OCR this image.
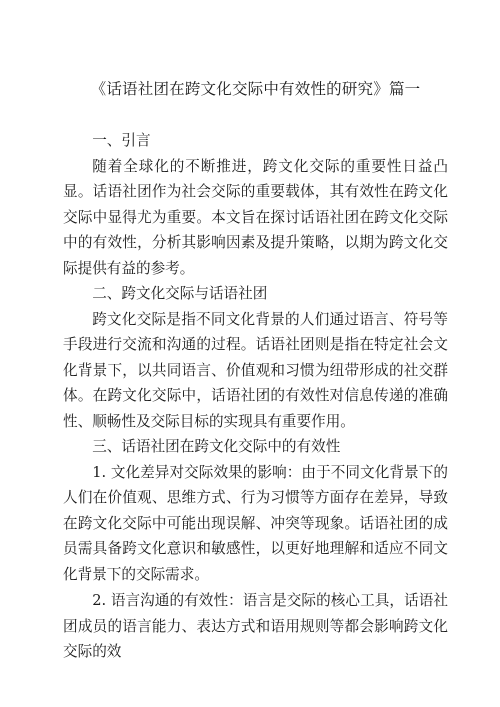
《话语社团在跨文化交际中有效性的研究》篇一

一、引言

随着全球化的不断推进，跨文化交际的重要性日益凸显。话语社团作为社会交际的重要载体，其有效性在跨文化交际中显得尤为重要。本文旨在探讨话语社团在跨文化交际中的有效性，分析其影响因素及提升策略，以期为跨文化交际提供有益的参考。

二、跨文化交际与话语社团

跨文化交际是指不同文化背景的人们通过语言、符号等手段进行交流和沟通的过程。话语社团则是指在特定社会文化背景下，以共同语言、价值观和习惯为纽带形成的社交群体。在跨文化交际中，话语社团的有效性对信息传递的准确性、顺畅性及交际目标的实现具有重要作用。

三、话语社团在跨文化交际中的有效性

1. 文化差异对交际效果的影响：由于不同文化背景下的人们在价值观、思维方式、行为习惯等方面存在差异，导致在跨文化交际中可能出现误解、冲突等现象。话语社团的成员需具备跨文化意识和敏感性，以更好地理解和适应不同文化背景下的交际需求。

2. 语言沟通的有效性：语言是交际的核心工具，话语社团成员的语言能力、表达方式和语用规则等都会影响跨文化交际的效
